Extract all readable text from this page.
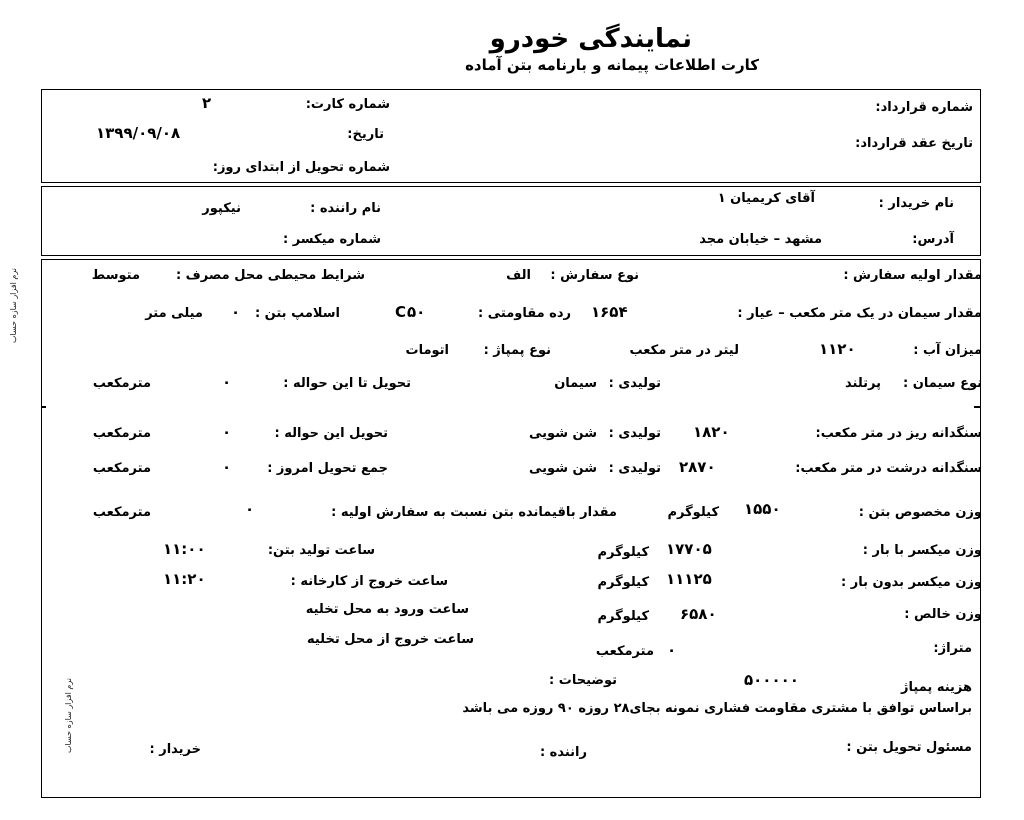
نمایندگی خودرو
کارت اطلاعات پیمانه و بارنامه بتن آماده
شماره قرارداد:
تاریخ عقد قرارداد:
شماره کارت:
۲
تاریخ:
۱۳۹۹/۰۹/۰۸
شماره تحویل از ابتدای روز:
نام خریدار :
آقای کریمیان ۱
آدرس:
مشهد – خیابان مجد
نام راننده :
نیکپور
شماره میکسر :
نرم افزار سازه حساب
نرم افزار سازه حساب
مقدار اولیه سفارش :
نوع سفارش :
الف
شرایط محیطی محل مصرف :
متوسط
مقدار سیمان در یک متر مکعب – عیار :
۱۶۵۴
رده مقاومتی :
C۵۰
اسلامپ بتن :
۰
میلی متر
میزان آب :
۱۱۲۰
لیتر در متر مکعب
نوع پمپاژ :
اتومات
نوع سیمان :
پرتلند
تولیدی :
سیمان
تحویل تا این حواله :
۰
مترمکعب
سنگدانه ریز در متر مکعب:
۱۸۲۰
تولیدی :
شن شویی
تحویل این حواله :
۰
مترمکعب
سنگدانه درشت در متر مکعب:
۲۸۷۰
تولیدی :
شن شویی
جمع تحویل امروز :
۰
مترمکعب
وزن مخصوص بتن :
۱۵۵۰
کیلوگرم
مقدار باقیمانده بتن نسبت به سفارش اولیه :
۰
مترمکعب
وزن میکسر با بار :
۱۷۷۰۵
کیلوگرم
ساعت تولید بتن:
۱۱:۰۰
وزن میکسر بدون بار :
۱۱۱۲۵
کیلوگرم
ساعت خروج از کارخانه :
۱۱:۲۰
ساعت ورود به محل تخلیه	وزن خالص :
۶۵۸۰
کیلوگرم
ساعت خروج از محل تخلیه
متراژ:
۰
مترمکعب
هزینه پمپاژ
۵۰۰۰۰۰
توضیحات :
براساس توافق با مشتری مقاومت فشاری نمونه بجای۲۸ روزه ۹۰ روزه می باشد
مسئول تحویل بتن :
راننده :
خریدار :
